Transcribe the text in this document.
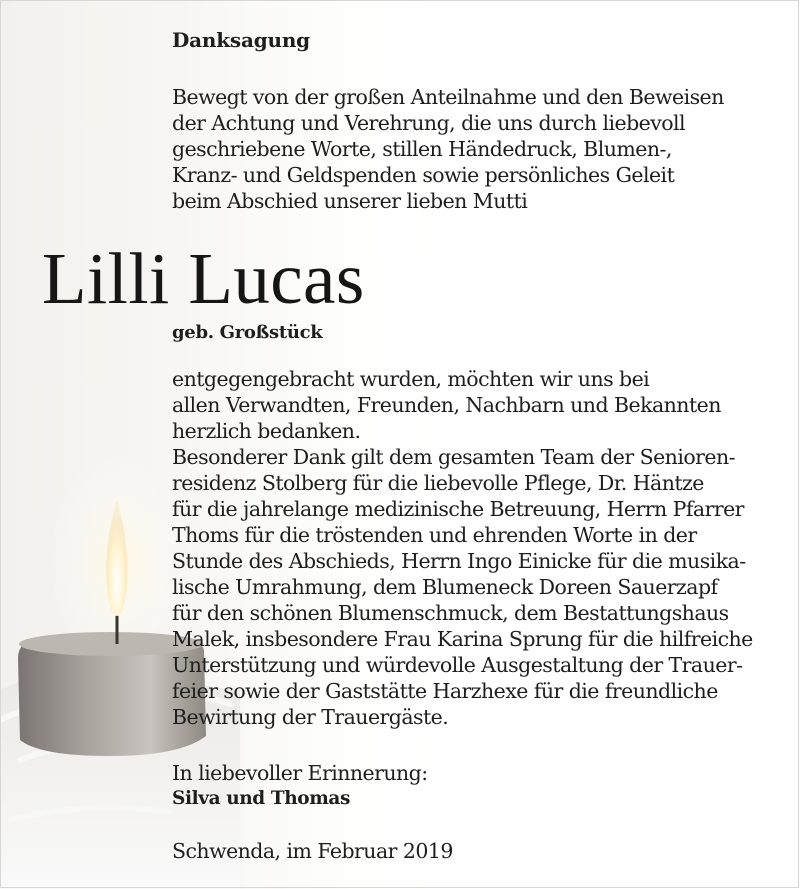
Danksagung
Bewegt von der großen Anteilnahme und den Beweisen
der Achtung und Verehrung, die uns durch liebevoll
geschriebene Worte, stillen Händedruck, Blumen-,
Kranz- und Geldspenden sowie persönliches Geleit
beim Abschied unserer lieben Mutti
Lilli Lucas
geb. Großstück
entgegengebracht wurden, möchten wir uns bei
allen Verwandten, Freunden, Nachbarn und Bekannten
herzlich bedanken.
Besonderer Dank gilt dem gesamten Team der Senioren-
residenz Stolberg für die liebevolle Pflege, Dr. Häntze
für die jahrelange medizinische Betreuung, Herrn Pfarrer
Thoms für die tröstenden und ehrenden Worte in der
Stunde des Abschieds, Herrn Ingo Einicke für die musika-
lische Umrahmung, dem Blumeneck Doreen Sauerzapf
für den schönen Blumenschmuck, dem Bestattungshaus
Malek, insbesondere Frau Karina Sprung für die hilfreiche
Unterstützung und würdevolle Ausgestaltung der Trauer-
feier sowie der Gaststätte Harzhexe für die freundliche
Bewirtung der Trauergäste.
In liebevoller Erinnerung:
Silva und Thomas
Schwenda, im Februar 2019
